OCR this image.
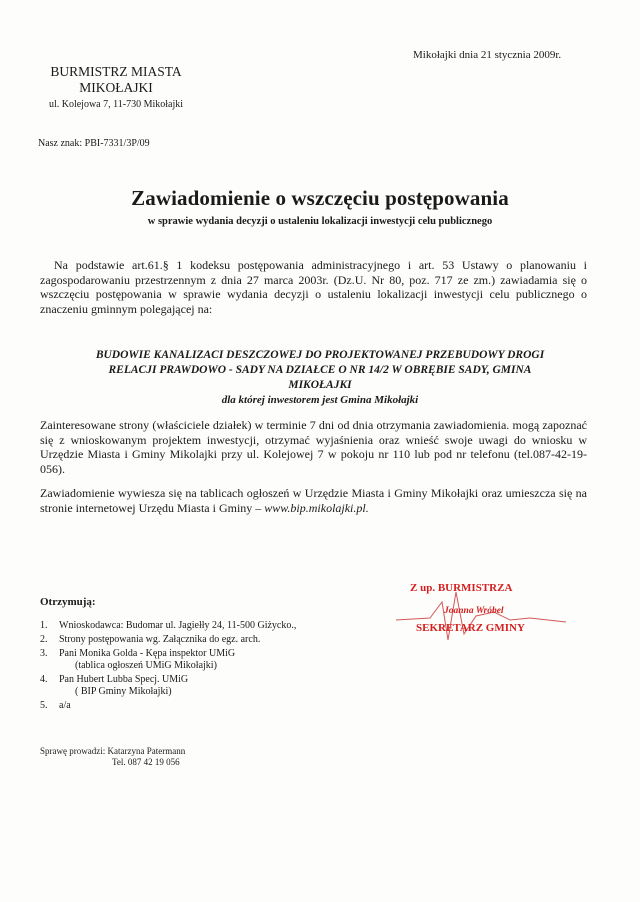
Mikołajki dnia 21 stycznia 2009r.
BURMISTRZ MIASTA
MIKOŁAJKI
ul. Kolejowa 7, 11-730 Mikołajki
Nasz znak: PBI-7331/3P/09
Zawiadomienie o wszczęciu postępowania
w sprawie wydania decyzji o ustaleniu lokalizacji inwestycji celu publicznego
Na podstawie art.61.§ 1 kodeksu postępowania administracyjnego i art. 53 Ustawy o planowaniu i zagospodarowaniu przestrzennym z dnia 27 marca 2003r. (Dz.U. Nr 80, poz. 717 ze zm.) zawiadamia się o wszczęciu postępowania w sprawie wydania decyzji o ustaleniu lokalizacji inwestycji celu publicznego o znaczeniu gminnym polegającej na:
BUDOWIE KANALIZACI DESZCZOWEJ DO PROJEKTOWANEJ PRZEBUDOWY DROGI
RELACJI PRAWDOWO - SADY NA DZIAŁCE O NR 14/2 W OBRĘBIE SADY, GMINA
MIKOŁAJKI
dla której inwestorem jest Gmina Mikołajki
Zainteresowane strony (właściciele działek) w terminie 7 dni od dnia otrzymania zawiadomienia. mogą zapoznać się z wnioskowanym projektem inwestycji, otrzymać wyjaśnienia oraz wnieść swoje uwagi do wniosku w Urzędzie Miasta i Gminy Mikolajki przy ul. Kolejowej 7 w pokoju nr 110 lub pod nr telefonu (tel.087-42-19-056).
Zawiadomienie wywiesza się na tablicach ogłoszeń w Urzędzie Miasta i Gminy Mikołajki oraz umieszcza się na stronie internetowej Urzędu Miasta i Gminy – www.bip.mikolajki.pl.
Z up. BURMISTRZA
Joanna Wróbel
SEKRETARZ GMINY
Otrzymują:
1.	Wnioskodawca: Budomar ul. Jagiełły 24, 11-500 Giżycko.,
2.	Strony postępowania wg. Załącznika do egz. arch.
3.	Pani Monika Golda - Kępa inspektor UMiG
(tablica ogłoszeń UMiG Mikołajki)
4.	Pan Hubert Lubba Specj. UMiG
( BIP Gminy Mikołajki)
5.	a/a
Sprawę prowadzi: Katarzyna Patermann
Tel. 087 42 19 056
